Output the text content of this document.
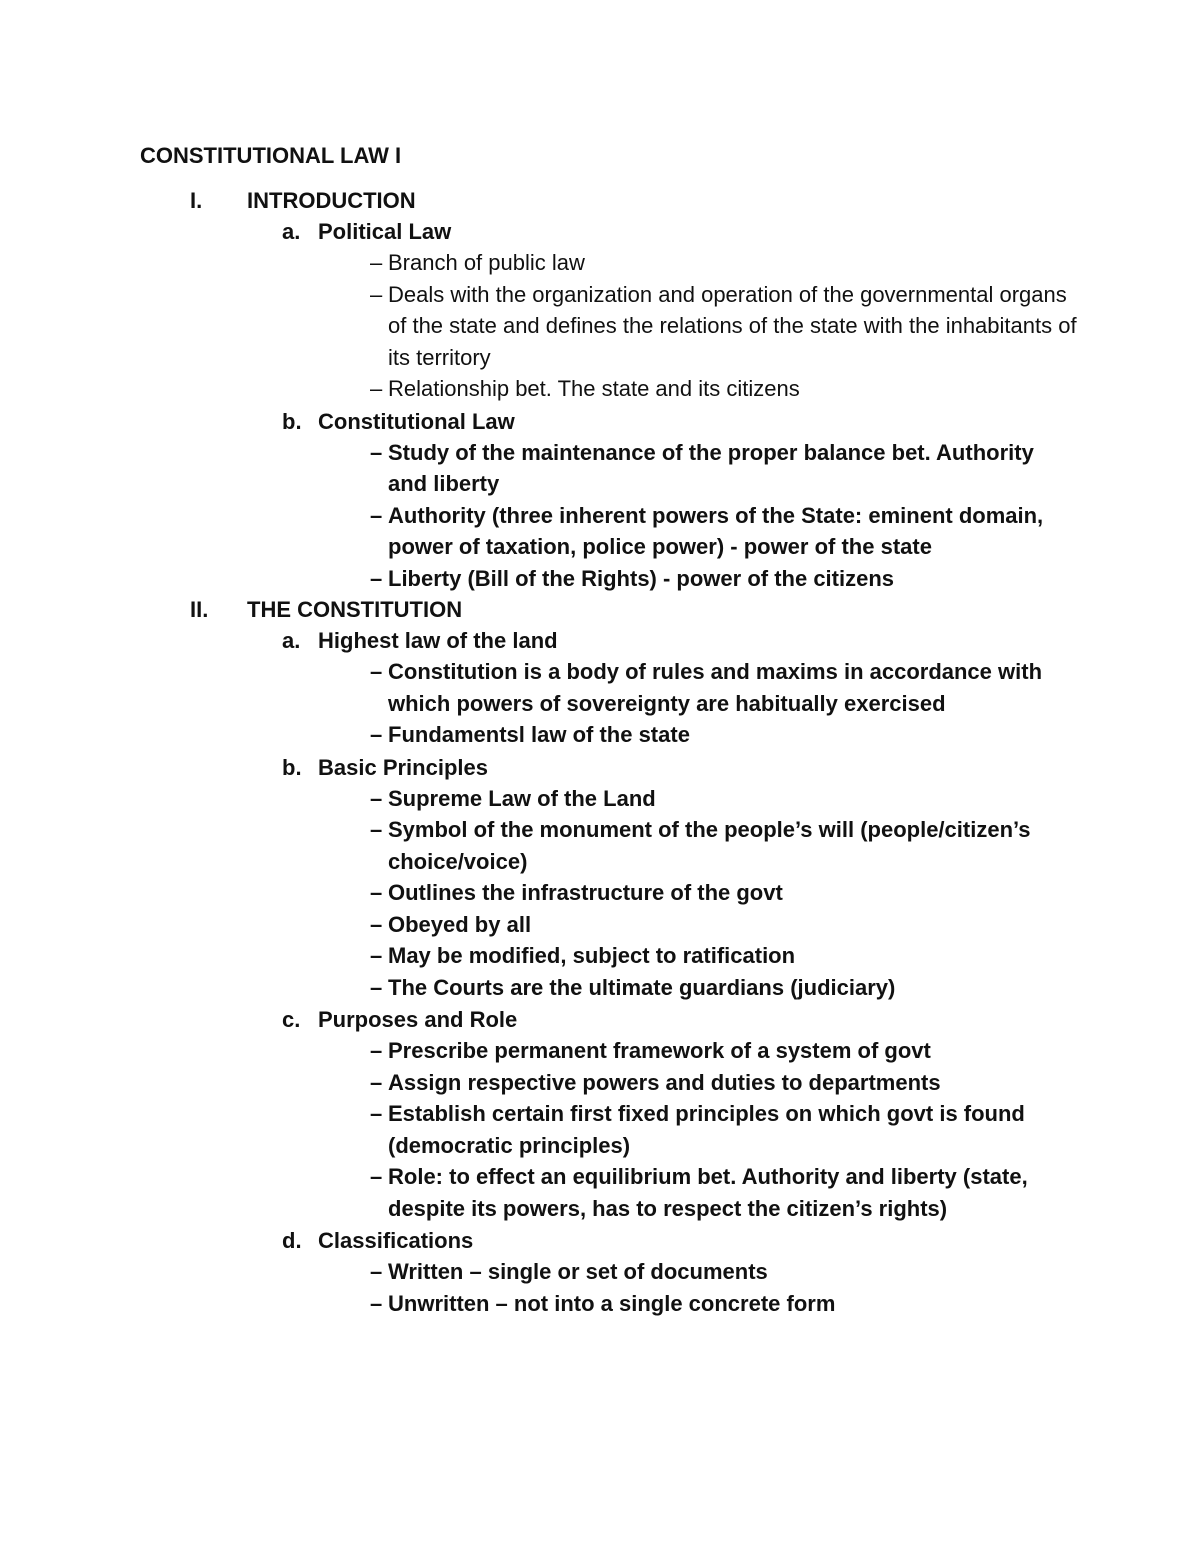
CONSTITUTIONAL LAW I
I. INTRODUCTION
a. Political Law
– Branch of public law
– Deals with the organization and operation of the governmental organs of the state and defines the relations of the state with the inhabitants of its territory
– Relationship bet. The state and its citizens
b. Constitutional Law
– Study of the maintenance of the proper balance bet. Authority and liberty
– Authority (three inherent powers of the State: eminent domain, power of taxation, police power) - power of the state
– Liberty (Bill of the Rights) - power of the citizens
II. THE CONSTITUTION
a. Highest law of the land
– Constitution is a body of rules and maxims in accordance with which powers of sovereignty are habitually exercised
– Fundamentsl law of the state
b. Basic Principles
– Supreme Law of the Land
– Symbol of the monument of the people’s will (people/citizen’s choice/voice)
– Outlines the infrastructure of the govt
– Obeyed by all
– May be modified, subject to ratification
– The Courts are the ultimate guardians (judiciary)
c. Purposes and Role
– Prescribe permanent framework of a system of govt
– Assign respective powers and duties to departments
– Establish certain first fixed principles on which govt is found (democratic principles)
– Role: to effect an equilibrium bet. Authority and liberty (state, despite its powers, has to respect the citizen’s rights)
d. Classifications
– Written – single or set of documents
– Unwritten – not into a single concrete form
